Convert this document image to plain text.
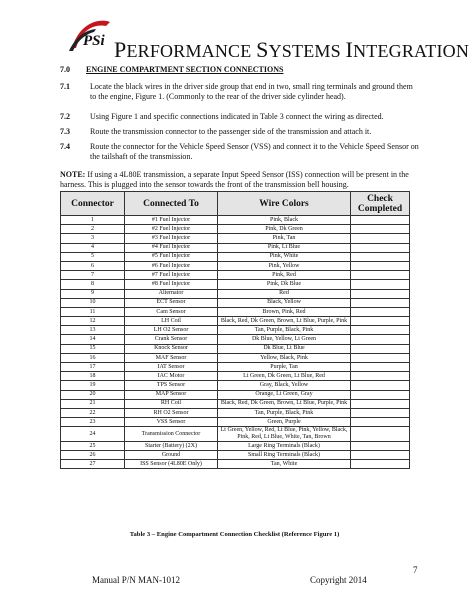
PSi PERFORMANCE SYSTEMS INTEGRATION
7.0 ENGINE COMPARTMENT SECTION CONNECTIONS
7.1	Locate the black wires in the driver side group that end in two, small ring terminals and ground them to the engine, Figure 1. (Commonly to the rear of the driver side cylinder head).
7.2	Using Figure 1 and specific connections indicated in Table 3 connect the wiring as directed.
7.3	Route the transmission connector to the passenger side of the transmission and attach it.
7.4	Route the connector for the Vehicle Speed Sensor (VSS) and connect it to the Vehicle Speed Sensor on the tailshaft of the transmission.
NOTE: If using a 4L80E transmission, a separate Input Speed Sensor (ISS) connection will be present in the harness. This is plugged into the sensor towards the front of the transmission bell housing.
Connector	Connected To	Wire Colors	Check Completed
1	#1 Fuel Injector	Pink, Black	
2	#2 Fuel Injector	Pink, Dk Green	
3	#3 Fuel Injector	Pink, Tan	
4	#4 Fuel Injector	Pink, Lt Blue	
5	#5 Fuel Injector	Pink, White	
6	#6 Fuel Injector	Pink, Yellow	
7	#7 Fuel Injector	Pink, Red	
8	#8 Fuel Injector	Pink, Dk Blue	
9	Alternator	Red	
10	ECT Sensor	Black, Yellow	
11	Cam Sensor	Brown, Pink, Red	
12	LH Coil	Black, Red, Dk Green, Brown, Lt Blue, Purple, Pink	
13	LH O2 Sensor	Tan, Purple, Black, Pink	
14	Crank Sensor	Dk Blue, Yellow, Lt Green	
15	Knock Sensor	Dk Blue, Lt Blue	
16	MAF Sensor	Yellow, Black, Pink	
17	IAT Sensor	Purple, Tan	
18	IAC Motor	Lt Green, Dk Green, Lt Blue, Red	
19	TPS Sensor	Gray, Black, Yellow	
20	MAP Sensor	Orange, Lt Green, Gray	
21	RH Coil	Black, Red, Dk Green, Brown, Lt Blue, Purple, Pink	
22	RH O2 Sensor	Tan, Purple, Black, Pink	
23	VSS Sensor	Green, Purple	
24	Transmission Connector	Lt Green, Yellow, Red, Lt Blue, Pink, Yellow, Black, Pink, Red, Lt Blue, White, Tan, Brown	
25	Starter (Battery) (2X)	Large Ring Terminals (Black)	
26	Ground	Small Ring Terminals (Black)	
27	ISS Sensor (4L80E Only)	Tan, White	
Table 3 – Engine Compartment Connection Checklist (Reference Figure 1)
7
Manual P/N MAN-1012	Copyright 2014
